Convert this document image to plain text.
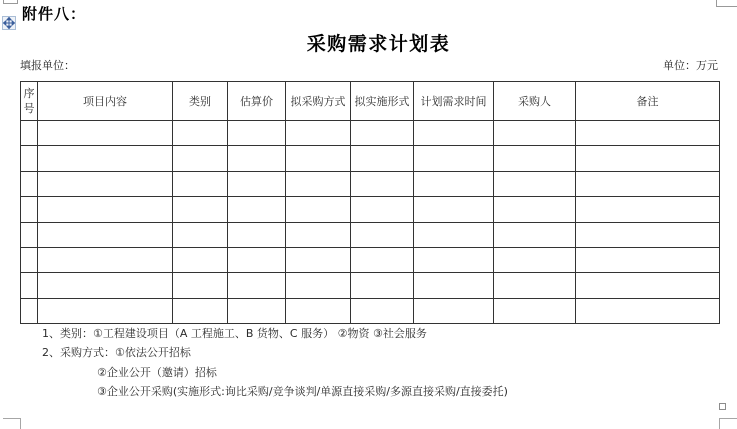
附件八：
采购需求计划表
填报单位：	单位：万元
序号	项目内容	类别	估算价	拟采购方式	拟实施形式	计划需求时间	采购人	备注

1、类别：①工程建设项目（A 工程施工、B 货物、C 服务） ②物资 ③社会服务
2、采购方式：①依法公开招标
②企业公开（邀请）招标
③企业公开采购(实施形式:询比采购/竞争谈判/单源直接采购/多源直接采购/直接委托)
